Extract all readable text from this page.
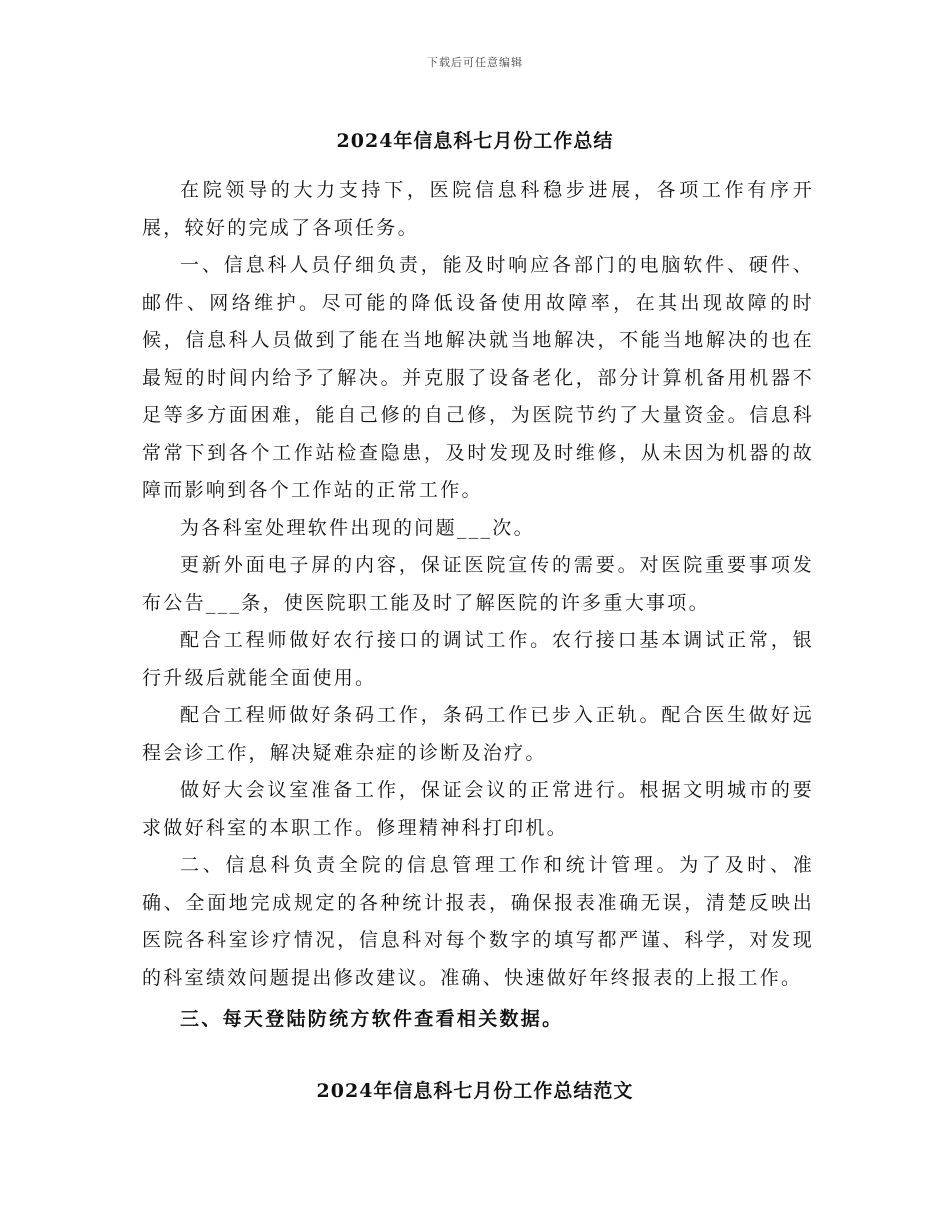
下载后可任意编辑
2024年信息科七月份工作总结

在院领导的大力支持下，医院信息科稳步进展，各项工作有序开展，较好的完成了各项任务。

一、信息科人员仔细负责，能及时响应各部门的电脑软件、硬件、邮件、网络维护。尽可能的降低设备使用故障率，在其出现故障的时候，信息科人员做到了能在当地解决就当地解决，不能当地解决的也在最短的时间内给予了解决。并克服了设备老化，部分计算机备用机器不足等多方面困难，能自己修的自己修，为医院节约了大量资金。信息科常常下到各个工作站检查隐患，及时发现及时维修，从未因为机器的故障而影响到各个工作站的正常工作。

为各科室处理软件出现的问题___次。

更新外面电子屏的内容，保证医院宣传的需要。对医院重要事项发布公告___条，使医院职工能及时了解医院的许多重大事项。

配合工程师做好农行接口的调试工作。农行接口基本调试正常，银行升级后就能全面使用。

配合工程师做好条码工作，条码工作已步入正轨。配合医生做好远程会诊工作，解决疑难杂症的诊断及治疗。

做好大会议室准备工作，保证会议的正常进行。根据文明城市的要求做好科室的本职工作。修理精神科打印机。

二、信息科负责全院的信息管理工作和统计管理。为了及时、准确、全面地完成规定的各种统计报表，确保报表准确无误，清楚反映出医院各科室诊疗情况，信息科对每个数字的填写都严谨、科学，对发现的科室绩效问题提出修改建议。准确、快速做好年终报表的上报工作。

三、每天登陆防统方软件查看相关数据。

2024年信息科七月份工作总结范文
